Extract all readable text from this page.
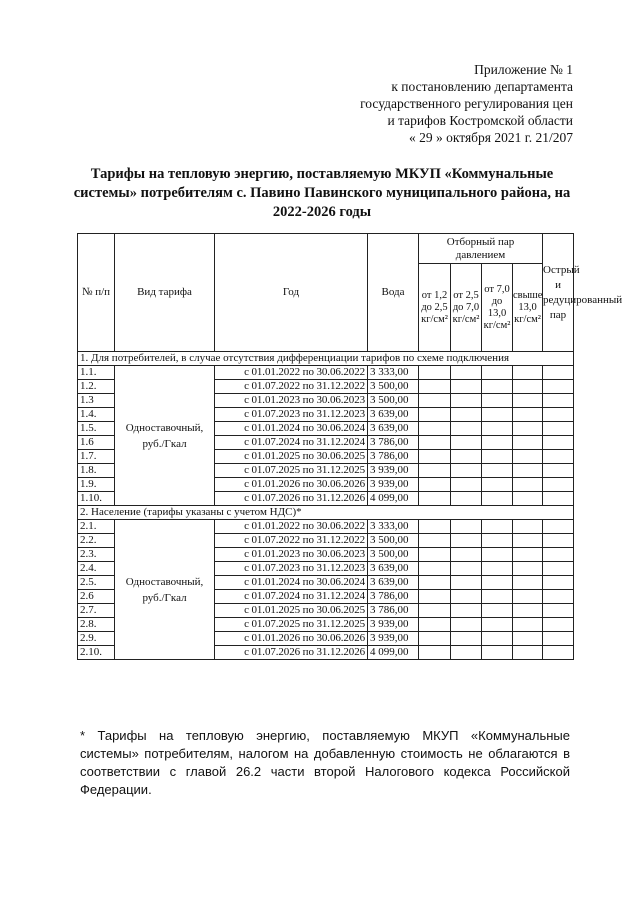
Приложение № 1
к постановлению департамента
государственного регулирования цен
и тарифов Костромской области
« 29 » октября 2021 г. 21/207
Тарифы на тепловую энергию, поставляемую МКУП «Коммунальные системы» потребителям с. Павино Павинского муниципального района, на 2022-2026 годы
№ п/п	Вид тарифа	Год	Вода	Отборный пар давлением				Острый и редуцированный пар
				от 1,2 до 2,5 кг/см²	от 2,5 до 7,0 кг/см²	от 7,0 до 13,0 кг/см²	свыше 13,0 кг/см²	
1. Для потребителей, в случае отсутствия дифференциации тарифов по схеме подключения								
1.1.	Одноставочный, руб./Гкал	с 01.01.2022 по 30.06.2022	3 333,00					
1.2.		с 01.07.2022 по 31.12.2022	3 500,00					
1.3		с 01.01.2023 по 30.06.2023	3 500,00					
1.4.		с 01.07.2023 по 31.12.2023	3 639,00					
1.5.		с 01.01.2024 по 30.06.2024	3 639,00					
1.6		с 01.07.2024 по 31.12.2024	3 786,00					
1.7.		с 01.01.2025 по 30.06.2025	3 786,00					
1.8.		с 01.07.2025 по 31.12.2025	3 939,00					
1.9.		с 01.01.2026 по 30.06.2026	3 939,00					
1.10.		с 01.07.2026 по 31.12.2026	4 099,00					
2. Население (тарифы указаны с учетом НДС)*								
2.1.	Одноставочный, руб./Гкал	с 01.01.2022 по 30.06.2022	3 333,00					
2.2.		с 01.07.2022 по 31.12.2022	3 500,00					
2.3.		с 01.01.2023 по 30.06.2023	3 500,00					
2.4.		с 01.07.2023 по 31.12.2023	3 639,00					
2.5.		с 01.01.2024 по 30.06.2024	3 639,00					
2.6		с 01.07.2024 по 31.12.2024	3 786,00					
2.7.		с 01.01.2025 по 30.06.2025	3 786,00					
2.8.		с 01.07.2025 по 31.12.2025	3 939,00					
2.9.		с 01.01.2026 по 30.06.2026	3 939,00					
2.10.		с 01.07.2026 по 31.12.2026	4 099,00					
* Тарифы на тепловую энергию, поставляемую МКУП «Коммунальные системы» потребителям, налогом на добавленную стоимость не облагаются в соответствии с главой 26.2 части второй Налогового кодекса Российской Федерации.
